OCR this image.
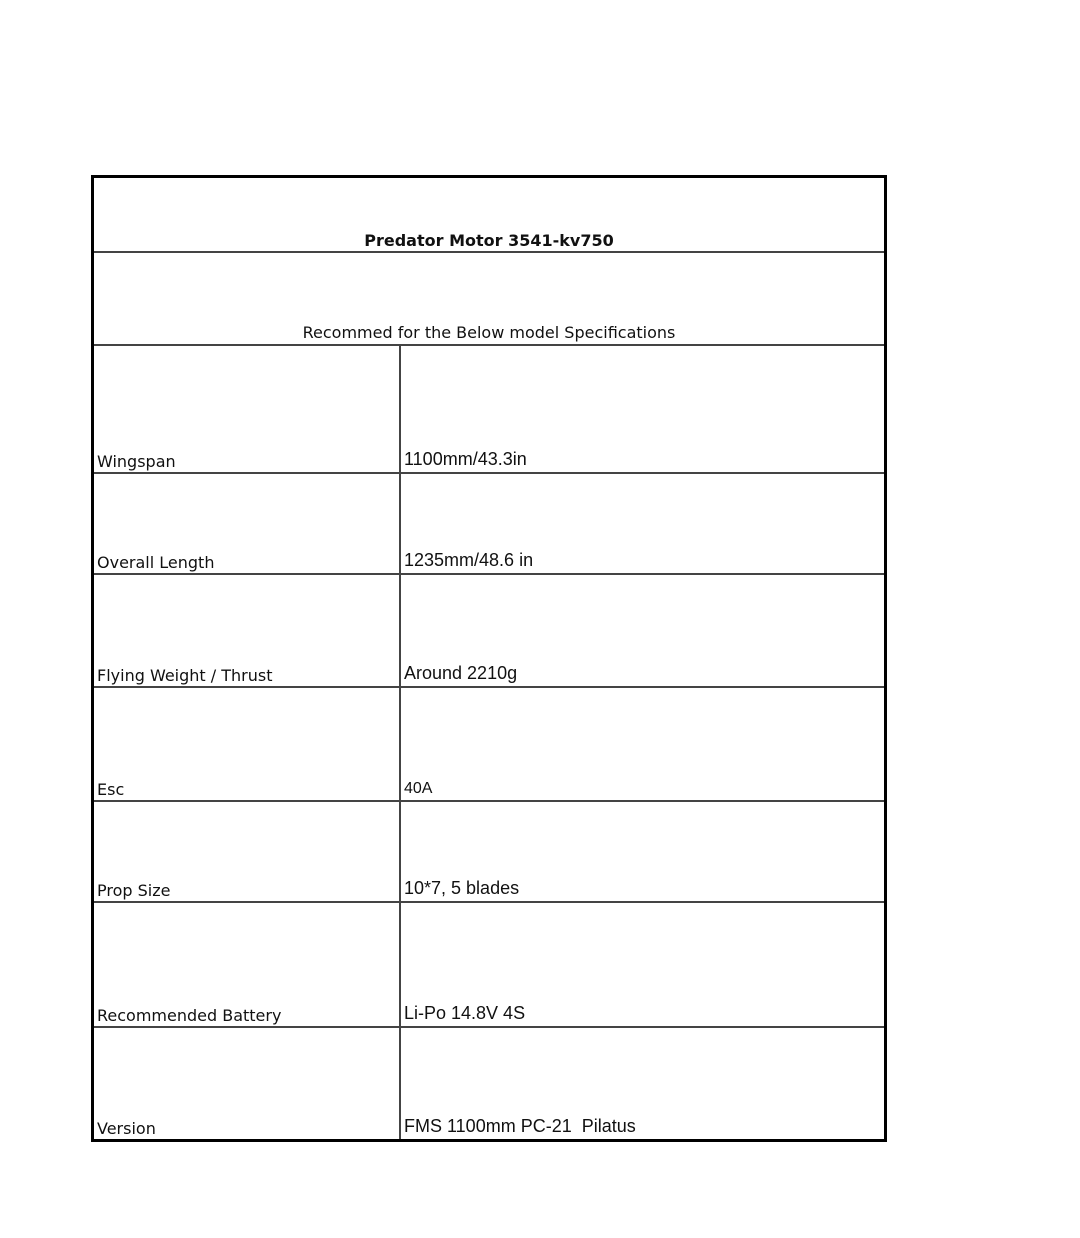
Predator Motor 3541-kv750
Recommed for the Below model Specifications
Wingspan	1100mm/43.3in
Overall Length	1235mm/48.6 in
Flying Weight / Thrust	Around 2210g
Esc	40A
Prop Size	10*7, 5 blades
Recommended Battery	Li-Po 14.8V 4S
Version	FMS 1100mm PC-21  Pilatus
